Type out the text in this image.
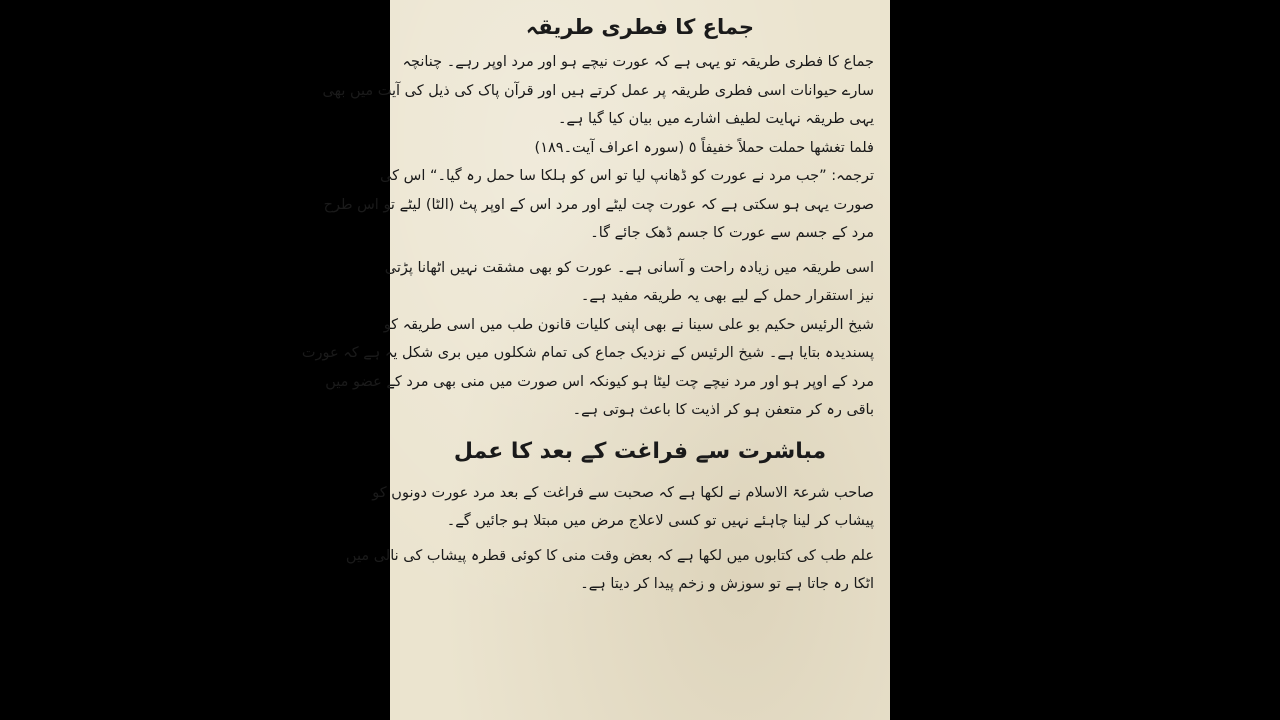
جماع کا فطری طریقہ

جماع کا فطری طریقہ تو یہی ہے کہ عورت نیچے ہو اور مرد اوپر رہے۔ چنانچہ

سارے حیوانات اسی فطری طریقہ پر عمل کرتے ہیں اور قرآن پاک کی ذیل کی آیت میں بھی

یہی طریقہ نہایت لطیف اشارے میں بیان کیا گیا ہے۔

فلما تغشھا حملت حملاً خفیفاً ٥ (سورہ اعراف آیت۔١٨٩)

ترجمہ: ”جب مرد نے عورت کو ڈھانپ لیا تو اس کو ہلکا سا حمل رہ گیا۔“ اس کی

صورت یہی ہو سکتی ہے کہ عورت چت لیٹے اور مرد اس کے اوپر پٹ (الٹا) لیٹے تو اس طرح

مرد کے جسم سے عورت کا جسم ڈھک جائے گا۔

اسی طریقہ میں زیادہ راحت و آسانی ہے۔ عورت کو بھی مشقت نہیں اٹھانا پڑتی

نیز استقرار حمل کے لیے بھی یہ طریقہ مفید ہے۔

شیخ الرئیس حکیم بو علی سینا نے بھی اپنی کلیات قانون طب میں اسی طریقہ کو

پسندیدہ بتایا ہے۔ شیخ الرئیس کے نزدیک جماع کی تمام شکلوں میں بری شکل یہ ہے کہ عورت

مرد کے اوپر ہو اور مرد نیچے چت لیٹا ہو کیونکہ اس صورت میں منی بھی مرد کے عضو میں

باقی رہ کر متعفن ہو کر اذیت کا باعث ہوتی ہے۔

مباشرت سے فراغت کے بعد کا عمل

صاحب شرعۃ الاسلام نے لکھا ہے کہ صحبت سے فراغت کے بعد مرد عورت دونوں کو

پیشاب کر لینا چاہئے نہیں تو کسی لاعلاج مرض میں مبتلا ہو جائیں گے۔

علم طب کی کتابوں میں لکھا ہے کہ بعض وقت منی کا کوئی قطرہ پیشاب کی نالی میں

اٹکا رہ جاتا ہے تو سوزش و زخم پیدا کر دیتا ہے۔
